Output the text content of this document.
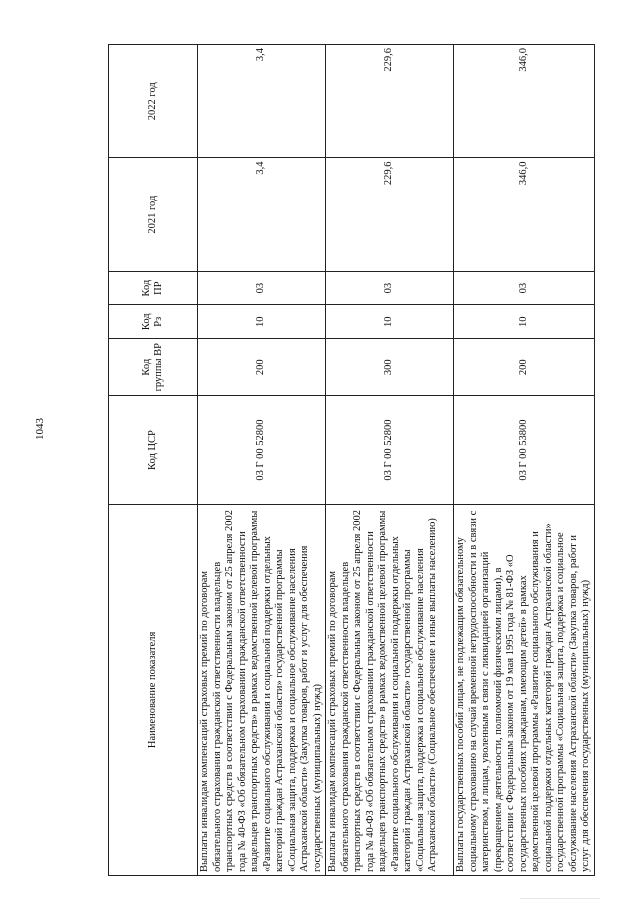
1043
Наименование показателя	Код ЦСР	Код группы ВР	Код Рз	Код ПР	2021 год	2022 год
Выплаты инвалидам компенсаций страховых премий по договорам обязательного страхования гражданской ответственности владельцев транспортных средств в соответствии с Федеральным законом от 25 апреля 2002 года № 40-ФЗ «Об обязательном страховании гражданской ответственности владельцев транспортных средств» в рамках ведомственной целевой программы «Развитие социального обслуживания и социальной поддержки отдельных категорий граждан Астраханской области» государственной программы «Социальная защита, поддержка и социальное обслуживание населения Астраханской области» (Закупка товаров, работ и услуг для обеспечения государственных (муниципальных) нужд)	03 Г 00 52800	200	10	03	3,4	3,4
Выплаты инвалидам компенсаций страховых премий по договорам обязательного страхования гражданской ответственности владельцев транспортных средств в соответствии с Федеральным законом от 25 апреля 2002 года № 40-ФЗ «Об обязательном страховании гражданской ответственности владельцев транспортных средств» в рамках ведомственной целевой программы «Развитие социального обслуживания и социальной поддержки отдельных категорий граждан Астраханской области» государственной программы «Социальная защита, поддержка и социальное обслуживание населения Астраханской области» (Социальное обеспечение и иные выплаты населению)	03 Г 00 52800	300	10	03	229,6	229,6
Выплаты государственных пособий лицам, не подлежащим обязательному социальному страхованию на случай временной нетрудоспособности и в связи с материнством, и лицам, уволенным в связи с ликвидацией организаций (прекращением деятельности, полномочий физическими лицами), в соответствии с Федеральным законом от 19 мая 1995 года № 81-ФЗ «О государственных пособиях гражданам, имеющим детей» в рамках ведомственной целевой программы «Развитие социального обслуживания и социальной поддержки отдельных категорий граждан Астраханской области» государственной программы «Социальная защита, поддержка и социальное обслуживание населения Астраханской области» (Закупка товаров, работ и услуг для обеспечения государственных (муниципальных) нужд)	03 Г 00 53800	200	10	03	346,0	346,0
